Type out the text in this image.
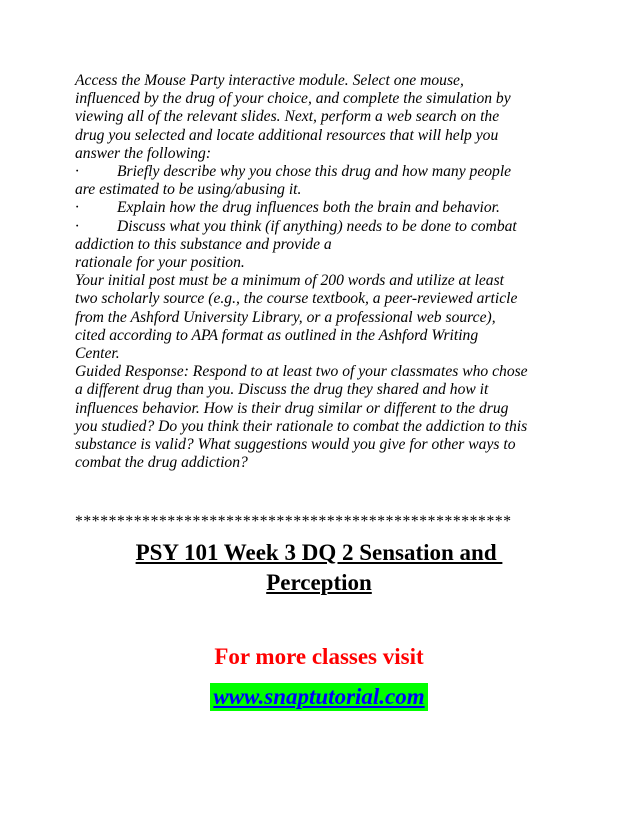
Access the Mouse Party interactive module. Select one mouse,

influenced by the drug of your choice, and complete the simulation by

viewing all of the relevant slides. Next, perform a web search on the

drug you selected and locate additional resources that will help you

answer the following:

· Briefly describe why you chose this drug and how many people

are estimated to be using/abusing it.

· Explain how the drug influences both the brain and behavior.

· Discuss what you think (if anything) needs to be done to combat

addiction to this substance and provide a

rationale for your position.

Your initial post must be a minimum of 200 words and utilize at least

two scholarly source (e.g., the course textbook, a peer-reviewed article

from the Ashford University Library, or a professional web source),

cited according to APA format as outlined in the Ashford Writing

Center.

Guided Response: Respond to at least two of your classmates who chose

a different drug than you. Discuss the drug they shared and how it

influences behavior. How is their drug similar or different to the drug

you studied? Do you think their rationale to combat the addiction to this

substance is valid? What suggestions would you give for other ways to

combat the drug addiction?

****************************************************
PSY 101 Week 3 DQ 2 Sensation and
Perception
For more classes visit
www.snaptutorial.com
